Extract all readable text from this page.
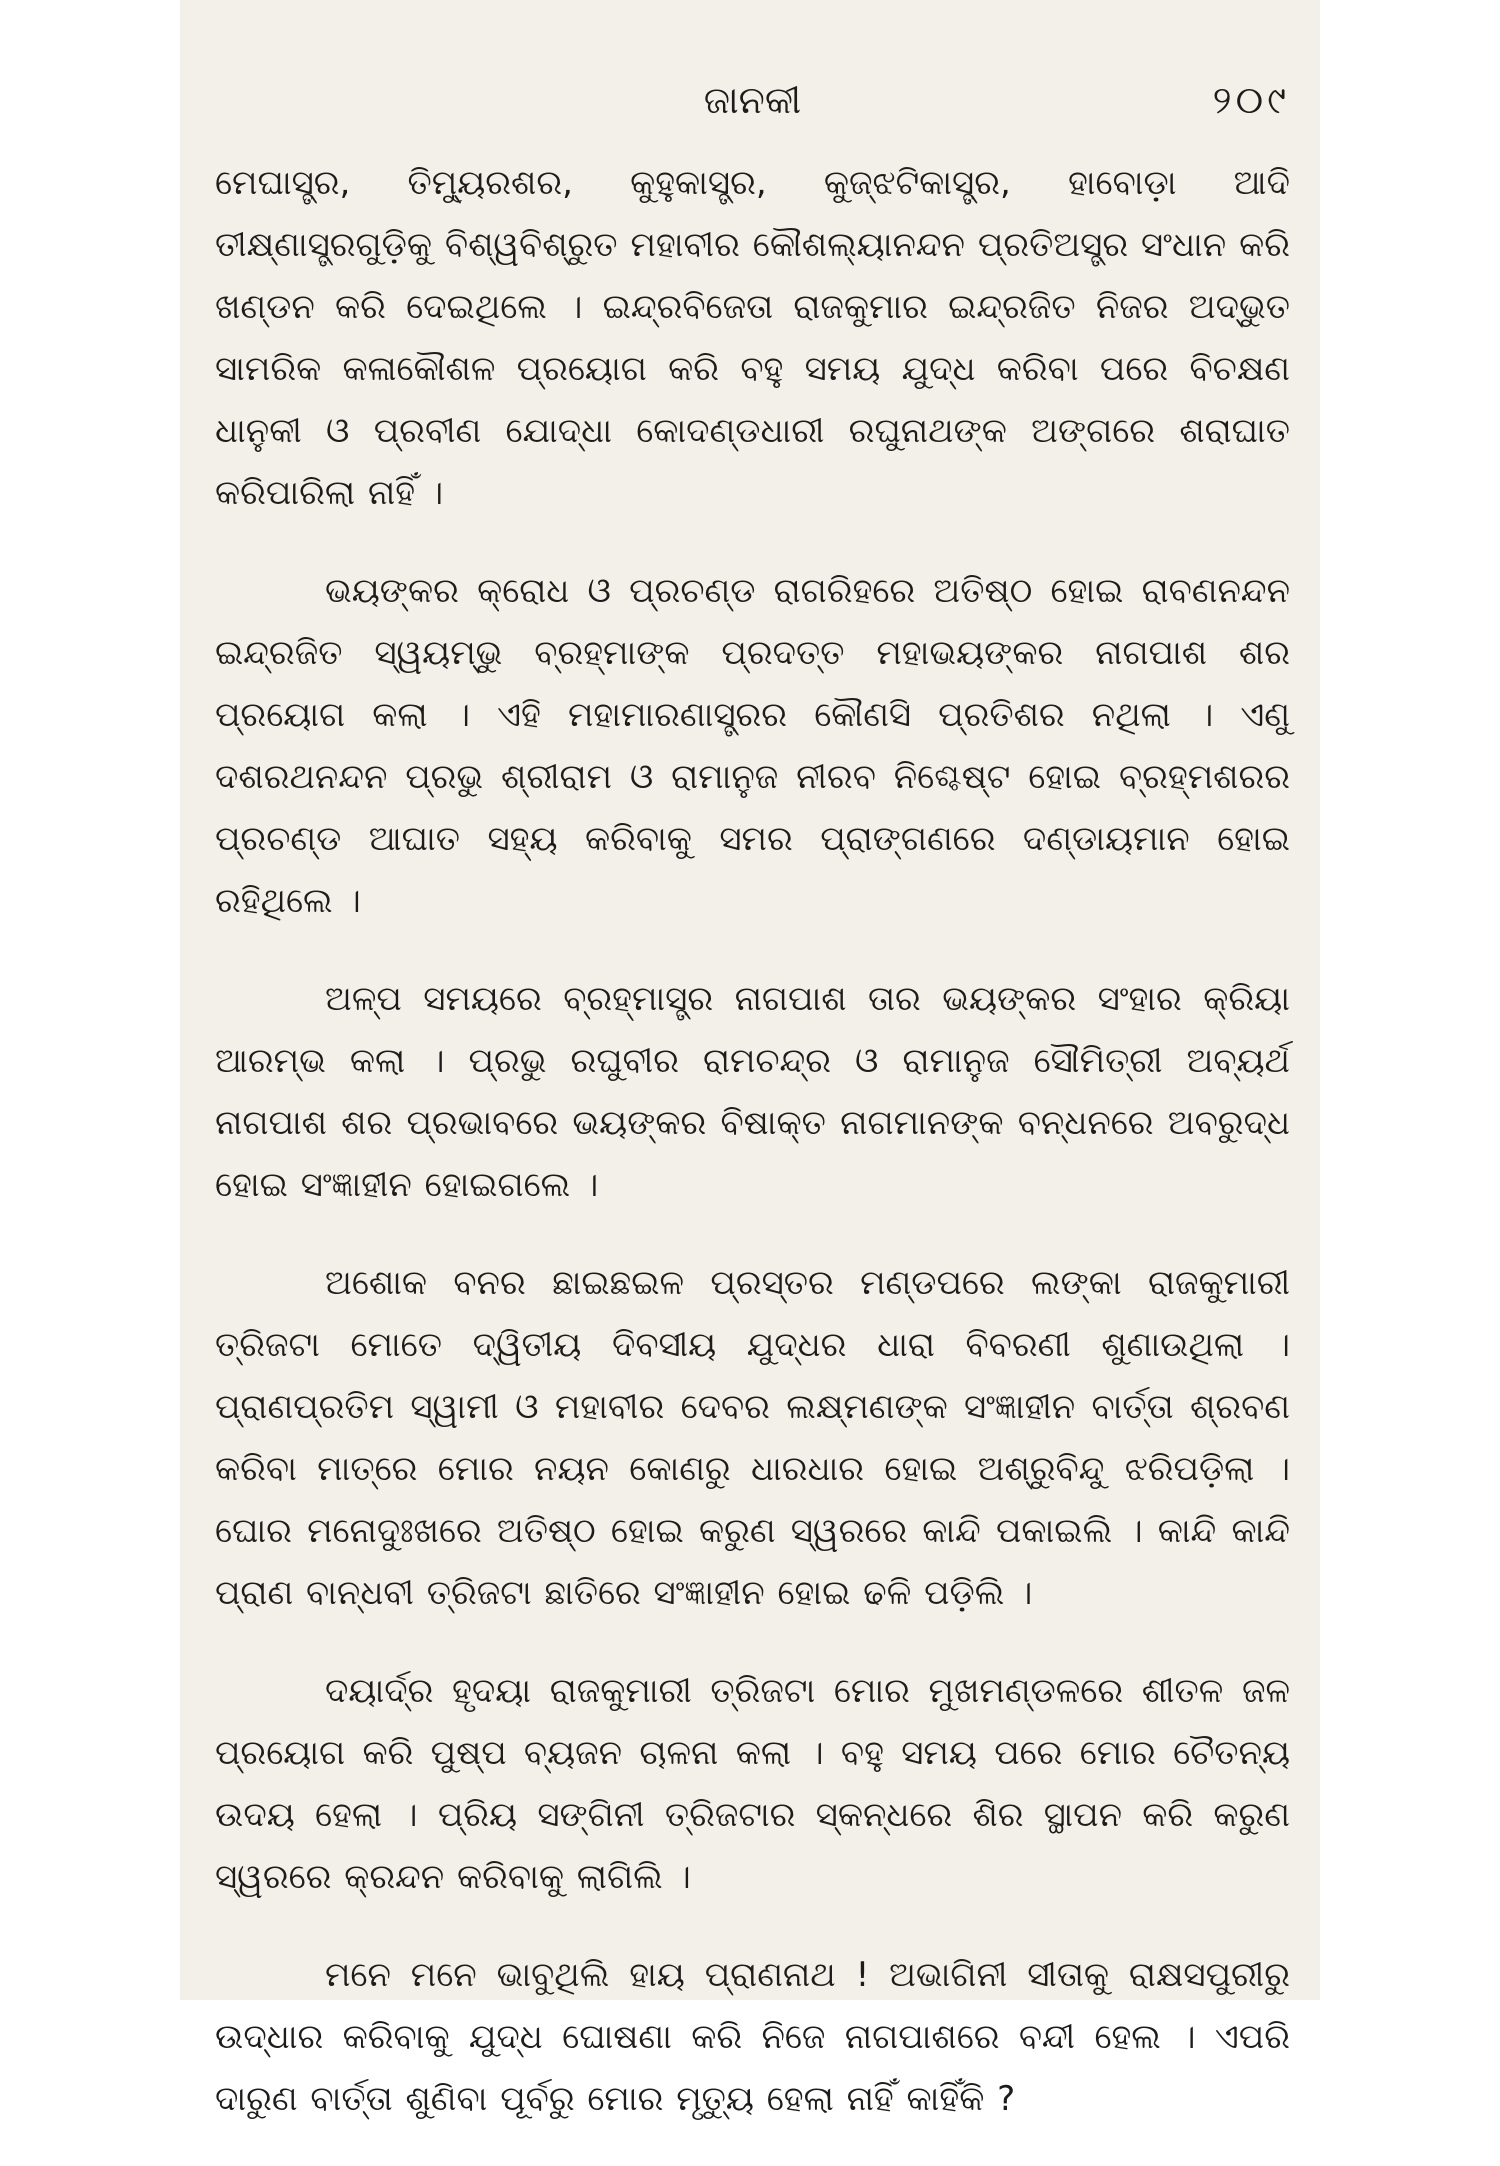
ଜାନକୀ	୨୦୯

ମେଘାସ୍ତ୍ର, ତିମ୍ୟୁରଶର, କୁହୁକାସ୍ତ୍ର, କୁଜ୍‌ଝଟିକାସ୍ତ୍ର, ହାବୋଡ଼ା ଆଦି ତୀକ୍ଷ୍ଣାସ୍ତ୍ରଗୁଡ଼ିକୁ ବିଶ୍ୱବିଶ୍ରୁତ ମହାବୀର କୌଶଲ୍ୟାନନ୍ଦନ ପ୍ରତିଅସ୍ତ୍ର ସଂଧାନ କରି ଖଣ୍ଡନ କରି ଦେଇଥିଲେ । ଇନ୍ଦ୍ରବିଜେତା ରାଜକୁମାର ଇନ୍ଦ୍ରଜିତ ନିଜର ଅଦ୍ଭୁତ ସାମରିକ କଳାକୌଶଳ ପ୍ରୟୋଗ କରି ବହୁ ସମୟ ଯୁଦ୍ଧ କରିବା ପରେ ବିଚକ୍ଷଣ ଧାନୁକୀ ଓ ପ୍ରବୀଣ ଯୋଦ୍ଧା କୋଦଣ୍ଡଧାରୀ ରଘୁନାଥଙ୍କ ଅଙ୍ଗରେ ଶରାଘାତ କରିପାରିଲା ନାହିଁ ।

ଭୟଙ୍କର କ୍ରୋଧ ଓ ପ୍ରଚଣ୍ଡ ରାଗରିହରେ ଅତିଷ୍ଠ ହୋଇ ରାବଣନନ୍ଦନ ଇନ୍ଦ୍ରଜିତ ସ୍ୱୟମ୍ଭୁ ବ୍ରହ୍ମାଙ୍କ ପ୍ରଦତ୍ତ ମହାଭୟଙ୍କର ନାଗପାଶ ଶର ପ୍ରୟୋଗ କଲା । ଏହି ମହାମାରଣାସ୍ତ୍ରର କୌଣସି ପ୍ରତିଶର ନଥିଲା । ଏଣୁ ଦଶରଥନନ୍ଦନ ପ୍ରଭୁ ଶ୍ରୀରାମ ଓ ରାମାନୁଜ ନୀରବ ନିଶ୍ଚେଷ୍ଟ ହୋଇ ବ୍ରହ୍ମଶରର ପ୍ରଚଣ୍ଡ ଆଘାତ ସହ୍ୟ କରିବାକୁ ସମର ପ୍ରାଙ୍ଗଣରେ ଦଣ୍ଡାୟମାନ ହୋଇ ରହିଥିଲେ ।

ଅଳ୍ପ ସମୟରେ ବ୍ରହ୍ମାସ୍ତ୍ର ନାଗପାଶ ତାର ଭୟଙ୍କର ସଂହାର କ୍ରିୟା ଆରମ୍ଭ କଲା । ପ୍ରଭୁ ରଘୁବୀର ରାମଚନ୍ଦ୍ର ଓ ରାମାନୁଜ ସୌମିତ୍ରୀ ଅବ୍ୟର୍ଥ ନାଗପାଶ ଶର ପ୍ରଭାବରେ ଭୟଙ୍କର ବିଷାକ୍ତ ନାଗମାନଙ୍କ ବନ୍ଧନରେ ଅବରୁଦ୍ଧ ହୋଇ ସଂଜ୍ଞାହୀନ ହୋଇଗଲେ ।

ଅଶୋକ ବନର ଛାଇଛଇଳ ପ୍ରସ୍ତର ମଣ୍ଡପରେ ଲଙ୍କା ରାଜକୁମାରୀ ତ୍ରିଜଟା ମୋତେ ଦ୍ୱିତୀୟ ଦିବସୀୟ ଯୁଦ୍ଧର ଧାରା ବିବରଣୀ ଶୁଣାଉଥିଲା । ପ୍ରାଣପ୍ରତିମ ସ୍ୱାମୀ ଓ ମହାବୀର ଦେବର ଲକ୍ଷ୍ମଣଙ୍କ ସଂଜ୍ଞାହୀନ ବାର୍ତ୍ତା ଶ୍ରବଣ କରିବା ମାତ୍ରେ ମୋର ନୟନ କୋଣରୁ ଧାରଧାର ହୋଇ ଅଶ୍ରୁବିନ୍ଦୁ ଝରିପଡ଼ିଲା । ଘୋର ମନୋଦୁଃଖରେ ଅତିଷ୍ଠ ହୋଇ କରୁଣ ସ୍ୱରରେ କାନ୍ଦି ପକାଇଲି । କାନ୍ଦି କାନ୍ଦି ପ୍ରାଣ ବାନ୍ଧବୀ ତ୍ରିଜଟା ଛାତିରେ ସଂଜ୍ଞାହୀନ ହୋଇ ଢଳି ପଡ଼ିଲି ।

ଦୟାର୍ଦ୍ର ହୃଦୟା ରାଜକୁମାରୀ ତ୍ରିଜଟା ମୋର ମୁଖମଣ୍ଡଳରେ ଶୀତଳ ଜଳ ପ୍ରୟୋଗ କରି ପୁଷ୍ପ ବ୍ୟଜନ ଚାଳନା କଲା । ବହୁ ସମୟ ପରେ ମୋର ଚୈତନ୍ୟ ଉଦୟ ହେଲା । ପ୍ରିୟ ସଙ୍ଗିନୀ ତ୍ରିଜଟାର ସ୍କନ୍ଧରେ ଶିର ସ୍ଥାପନ କରି କରୁଣ ସ୍ୱରରେ କ୍ରନ୍ଦନ କରିବାକୁ ଲାଗିଲି ।

ମନେ ମନେ ଭାବୁଥିଲି ହାୟ ପ୍ରାଣନାଥ ! ଅଭାଗିନୀ ସୀତାକୁ ରାକ୍ଷସପୁରୀରୁ ଉଦ୍ଧାର କରିବାକୁ ଯୁଦ୍ଧ ଘୋଷଣା କରି ନିଜେ ନାଗପାଶରେ ବନ୍ଦୀ ହେଲ । ଏପରି ଦାରୁଣ ବାର୍ତ୍ତା ଶୁଣିବା ପୂର୍ବରୁ ମୋର ମୃତ୍ୟୁ ହେଲା ନାହିଁ କାହିଁକି ?
